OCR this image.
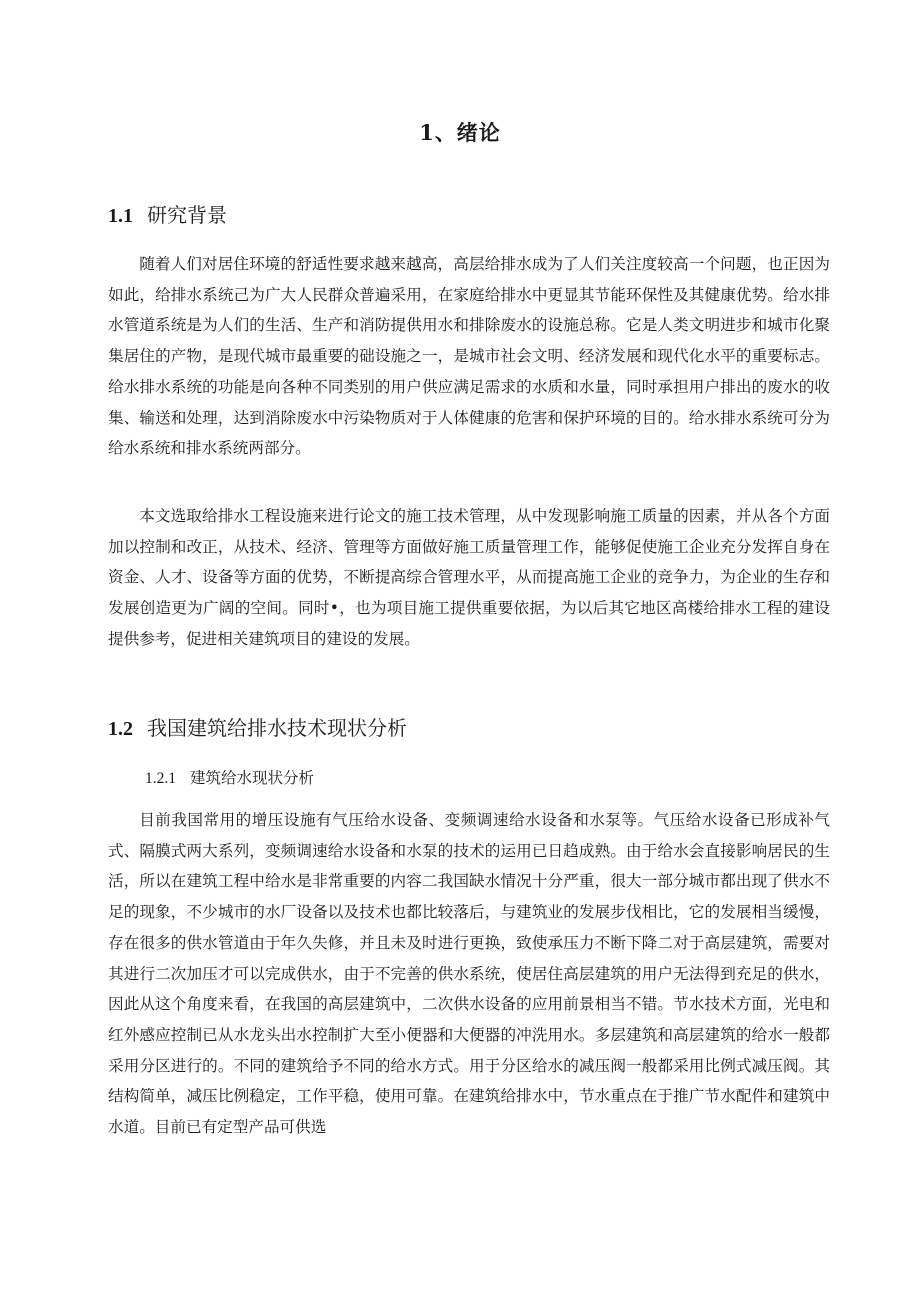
1、绪论
1.1 研究背景

随着人们对居住环境的舒适性要求越来越高，高层给排水成为了人们关注度较高一个问题，也正因为如此，给排水系统己为广大人民群众普遍采用，在家庭给排水中更显其节能环保性及其健康优势。给水排水管道系统是为人们的生活、生产和消防提供用水和排除废水的设施总称。它是人类文明进步和城市化聚集居住的产物，是现代城市最重要的础设施之一，是城市社会文明、经济发展和现代化水平的重要标志。给水排水系统的功能是向各种不同类别的用户供应满足需求的水质和水量，同时承担用户排出的废水的收集、输送和处理，达到消除废水中污染物质对于人体健康的危害和保护环境的目的。给水排水系统可分为给水系统和排水系统两部分。

本文选取给排水工程设施来进行论文的施工技术管理，从中发现影响施工质量的因素，并从各个方面加以控制和改正，从技术、经济、管理等方面做好施工质量管理工作，能够促使施工企业充分发挥自身在资金、人才、设备等方面的优势，不断提高综合管理水平，从而提高施工企业的竞争力，为企业的生存和发展创造更为广阔的空间。同时•，也为项目施工提供重要依据，为以后其它地区高楼给排水工程的建设提供参考，促进相关建筑项目的建设的发展。

1.2 我国建筑给排水技术现状分析
1.2.1 建筑给水现状分析

目前我国常用的增压设施有气压给水设备、变频调速给水设备和水泵等。气压给水设备已形成补气式、隔膜式两大系列，变频调速给水设备和水泵的技术的运用已日趋成熟。由于给水会直接影响居民的生活，所以在建筑工程中给水是非常重要的内容二我国缺水情况十分严重，很大一部分城市都出现了供水不足的现象，不少城市的水厂设备以及技术也都比较落后，与建筑业的发展步伐相比，它的发展相当缓慢，存在很多的供水管道由于年久失修，并且未及时进行更换，致使承压力不断下降二对于高层建筑，需要对其进行二次加压才可以完成供水，由于不完善的供水系统，使居住高层建筑的用户无法得到充足的供水，因此从这个角度来看，在我国的高层建筑中，二次供水设备的应用前景相当不错。节水技术方面，光电和红外感应控制已从水龙头出水控制扩大至小便器和大便器的冲洗用水。多层建筑和高层建筑的给水一般都采用分区进行的。不同的建筑给予不同的给水方式。用于分区给水的减压阀一般都采用比例式减压阀。其结构简单，减压比例稳定，工作平稳，使用可靠。在建筑给排水中，节水重点在于推广节水配件和建筑中水道。目前已有定型产品可供选
